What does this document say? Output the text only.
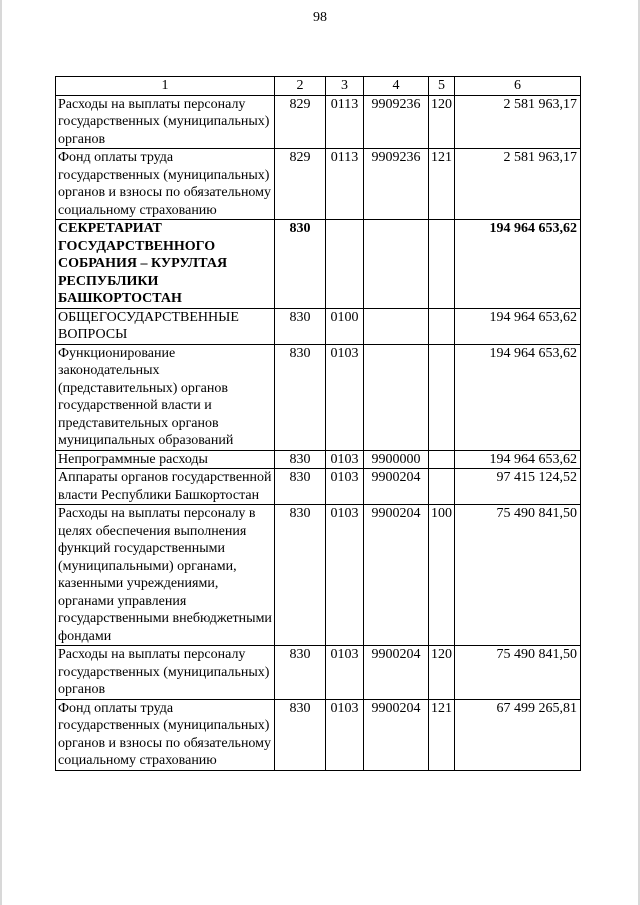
98
1	2	3	4	5	6
Расходы на выплаты персоналу государственных (муниципальных) органов	829	0113	9909236	120	2 581 963,17
Фонд оплаты труда государственных (муниципальных) органов и взносы по обязательному социальному страхованию	829	0113	9909236	121	2 581 963,17
СЕКРЕТАРИАТ ГОСУДАРСТВЕННОГО СОБРАНИЯ – КУРУЛТАЯ РЕСПУБЛИКИ БАШКОРТОСТАН	830				194 964 653,62
ОБЩЕГОСУДАРСТВЕННЫЕ ВОПРОСЫ	830	0100			194 964 653,62
Функционирование законодательных (представительных) органов государственной власти и представительных органов муниципальных образований	830	0103			194 964 653,62
Непрограммные расходы	830	0103	9900000		194 964 653,62
Аппараты органов государственной власти Республики Башкортостан	830	0103	9900204		97 415 124,52
Расходы на выплаты персоналу в целях обеспечения выполнения функций государственными (муниципальными) органами, казенными учреждениями, органами управления государственными внебюджетными фондами	830	0103	9900204	100	75 490 841,50
Расходы на выплаты персоналу государственных (муниципальных) органов	830	0103	9900204	120	75 490 841,50
Фонд оплаты труда государственных (муниципальных) органов и взносы по обязательному социальному страхованию	830	0103	9900204	121	67 499 265,81
